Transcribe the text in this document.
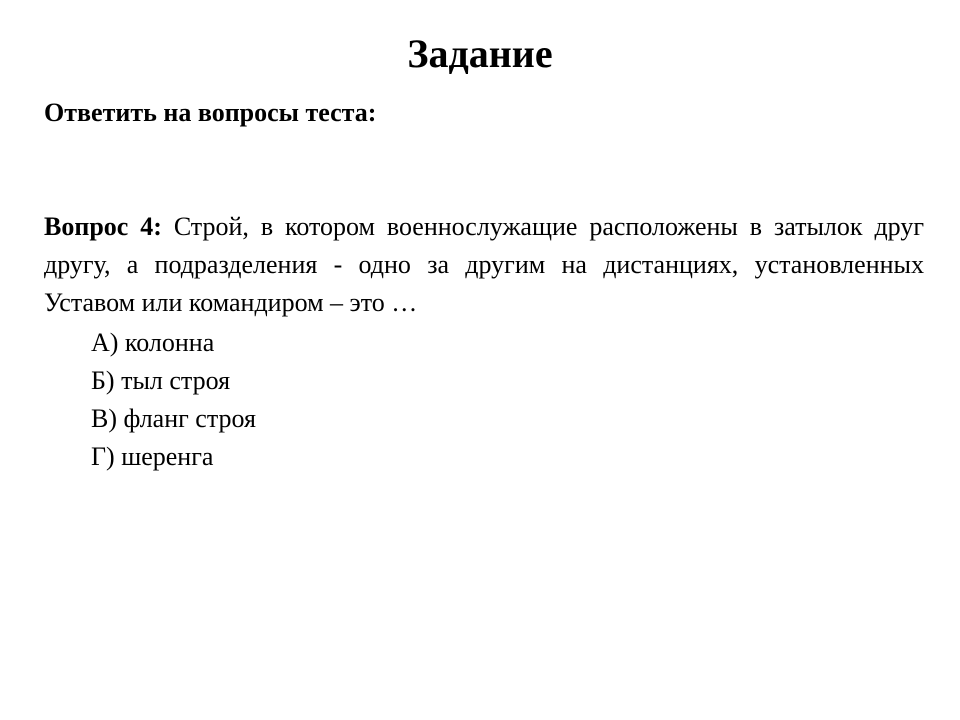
Задание
Ответить на вопросы теста:
Вопрос 4: Строй, в котором военнослужащие расположены в затылок друг другу, а подразделения - одно за другим на дистанциях, установленных Уставом или командиром – это …
А) колонна
Б) тыл строя
В) фланг строя
Г) шеренга
